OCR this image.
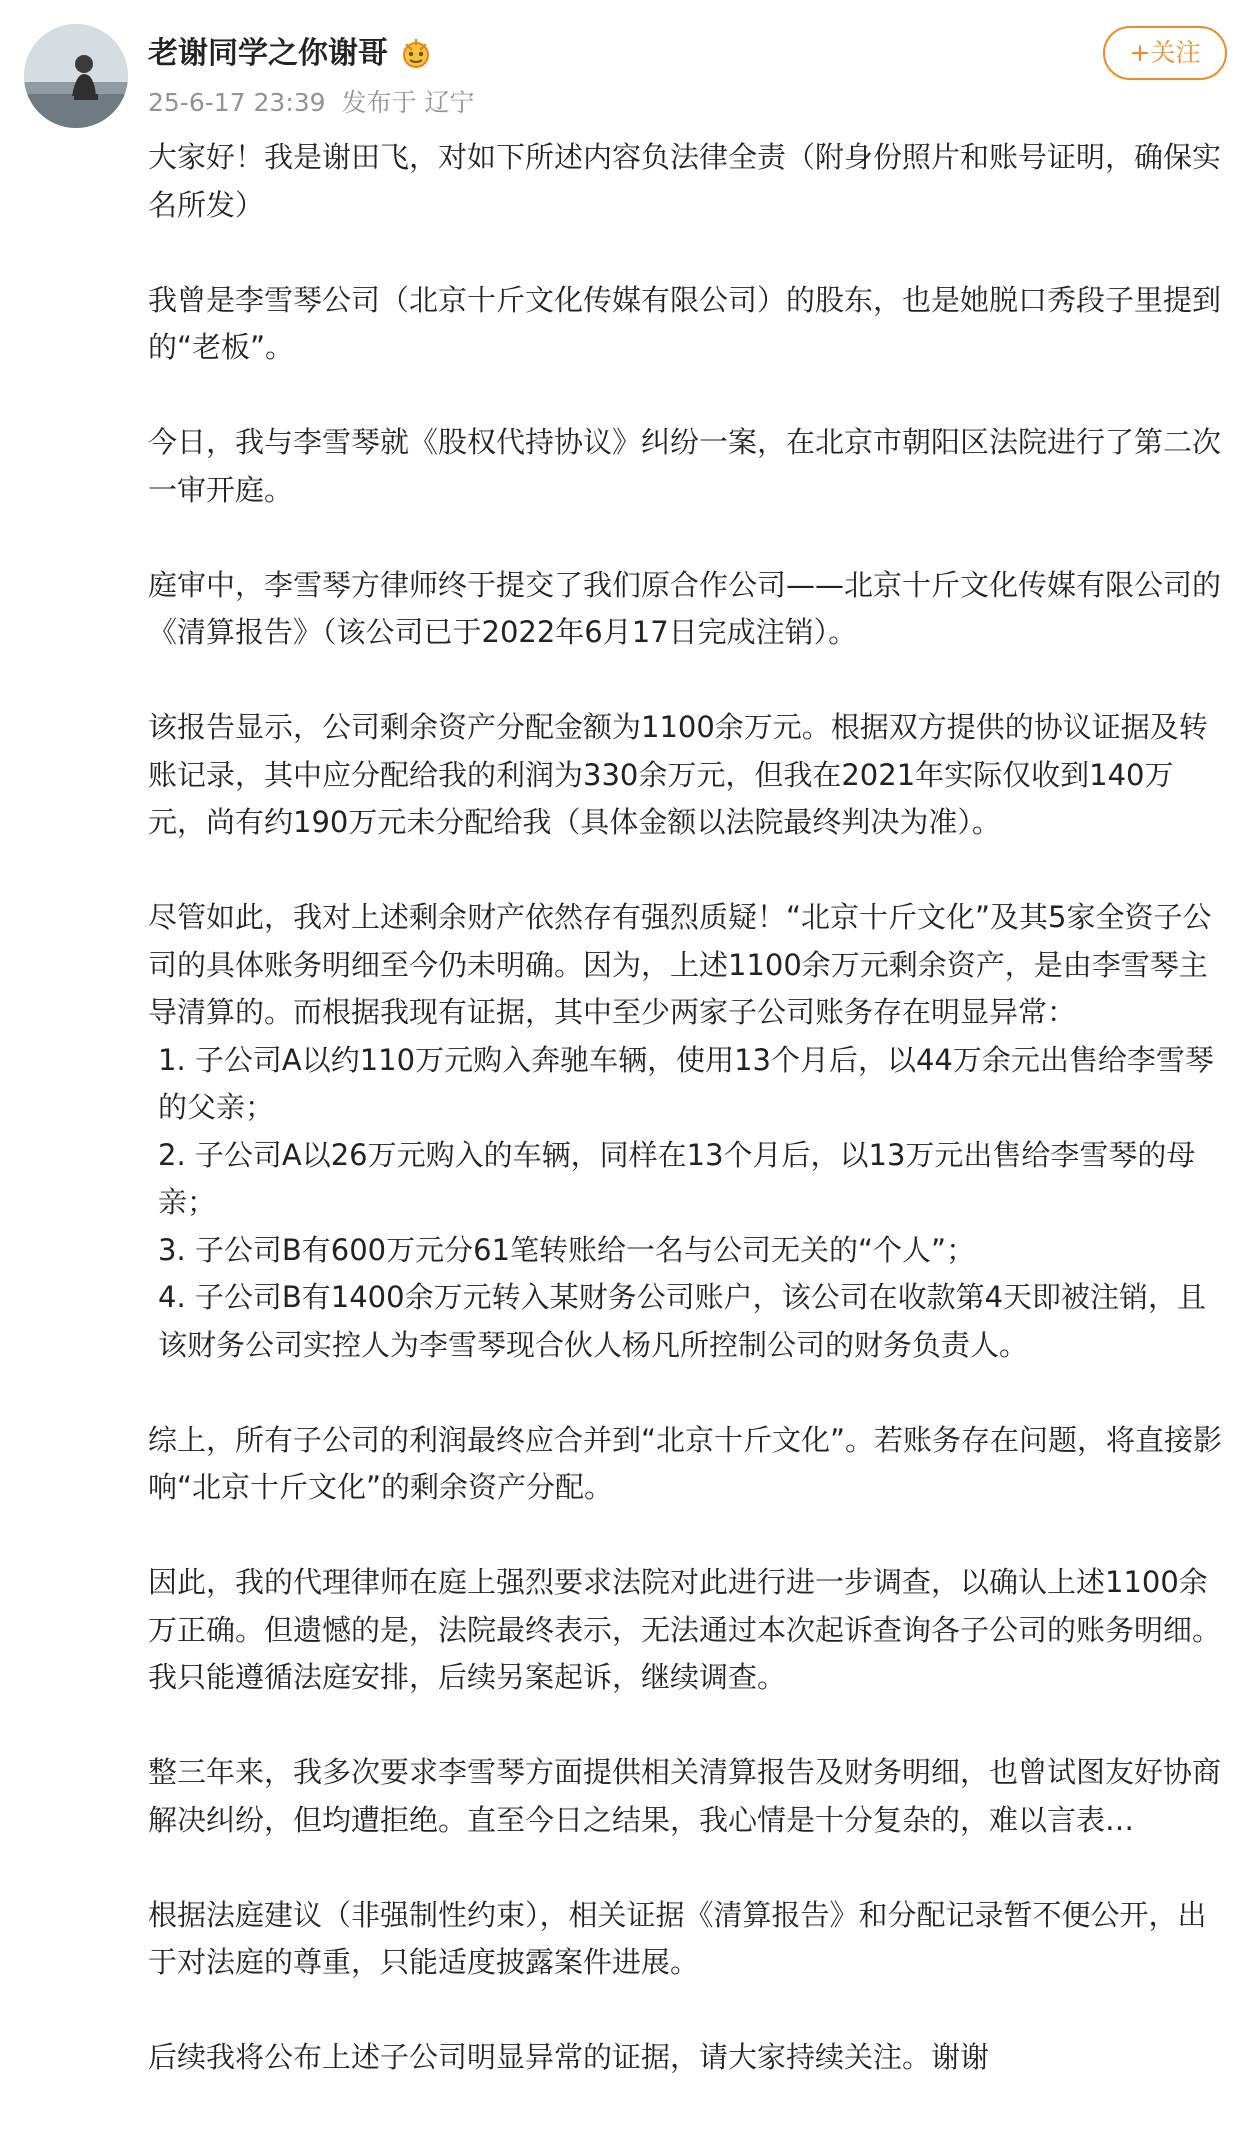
老谢同学之你谢哥
25-6-17 23:39 发布于 辽宁
+关注

大家好！我是谢田飞，对如下所述内容负法律全责（附身份照片和账号证明，确保实名所发）

我曾是李雪琴公司（北京十斤文化传媒有限公司）的股东，也是她脱口秀段子里提到的“老板”。

今日，我与李雪琴就《股权代持协议》纠纷一案，在北京市朝阳区法院进行了第二次一审开庭。

庭审中，李雪琴方律师终于提交了我们原合作公司——北京十斤文化传媒有限公司的《清算报告》（该公司已于2022年6月17日完成注销）。

该报告显示，公司剩余资产分配金额为1100余万元。根据双方提供的协议证据及转账记录，其中应分配给我的利润为330余万元，但我在2021年实际仅收到140万元，尚有约190万元未分配给我（具体金额以法院最终判决为准）。

尽管如此，我对上述剩余财产依然存有强烈质疑！“北京十斤文化”及其5家全资子公司的具体账务明细至今仍未明确。因为，上述1100余万元剩余资产，是由李雪琴主导清算的。而根据我现有证据，其中至少两家子公司账务存在明显异常：
1. 子公司A以约110万元购入奔驰车辆，使用13个月后，以44万余元出售给李雪琴的父亲；
2. 子公司A以26万元购入的车辆，同样在13个月后，以13万元出售给李雪琴的母亲；
3. 子公司B有600万元分61笔转账给一名与公司无关的“个人”；
4. 子公司B有1400余万元转入某财务公司账户，该公司在收款第4天即被注销，且该财务公司实控人为李雪琴现合伙人杨凡所控制公司的财务负责人。

综上，所有子公司的利润最终应合并到“北京十斤文化”。若账务存在问题，将直接影响“北京十斤文化”的剩余资产分配。

因此，我的代理律师在庭上强烈要求法院对此进行进一步调查，以确认上述1100余万正确。但遗憾的是，法院最终表示，无法通过本次起诉查询各子公司的账务明细。我只能遵循法庭安排，后续另案起诉，继续调查。

整三年来，我多次要求李雪琴方面提供相关清算报告及财务明细，也曾试图友好协商解决纠纷，但均遭拒绝。直至今日之结果，我心情是十分复杂的，难以言表…

根据法庭建议（非强制性约束），相关证据《清算报告》和分配记录暂不便公开，出于对法庭的尊重，只能适度披露案件进展。

后续我将公布上述子公司明显异常的证据，请大家持续关注。谢谢
